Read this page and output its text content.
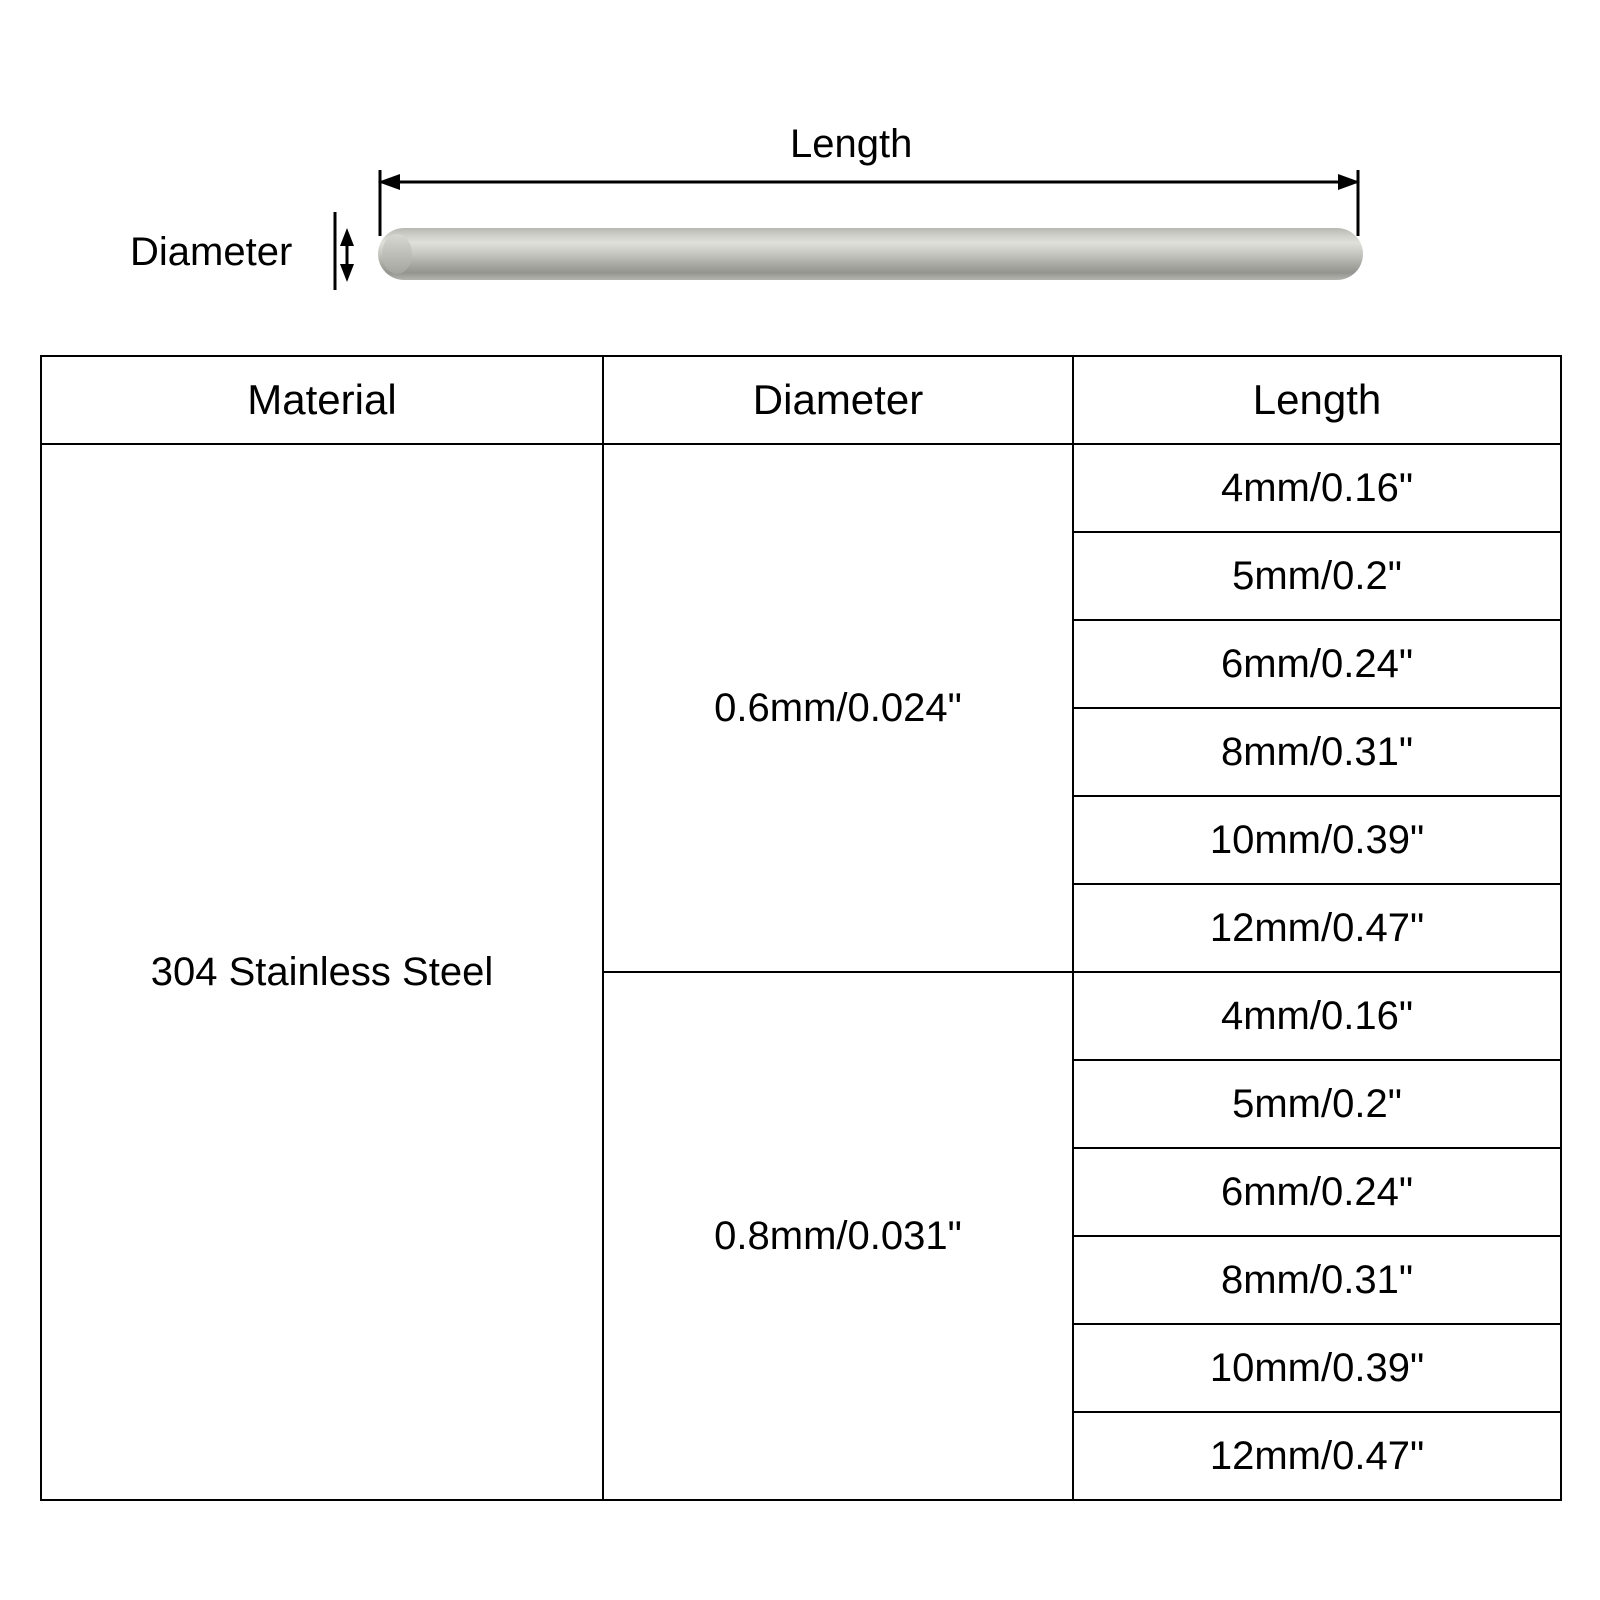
Length
Diameter
Material	Diameter	Length
304 Stainless Steel	0.6mm/0.024"	4mm/0.16"
		5mm/0.2"
		6mm/0.24"
		8mm/0.31"
		10mm/0.39"
		12mm/0.47"
	0.8mm/0.031"	4mm/0.16"
		5mm/0.2"
		6mm/0.24"
		8mm/0.31"
		10mm/0.39"
		12mm/0.47"
